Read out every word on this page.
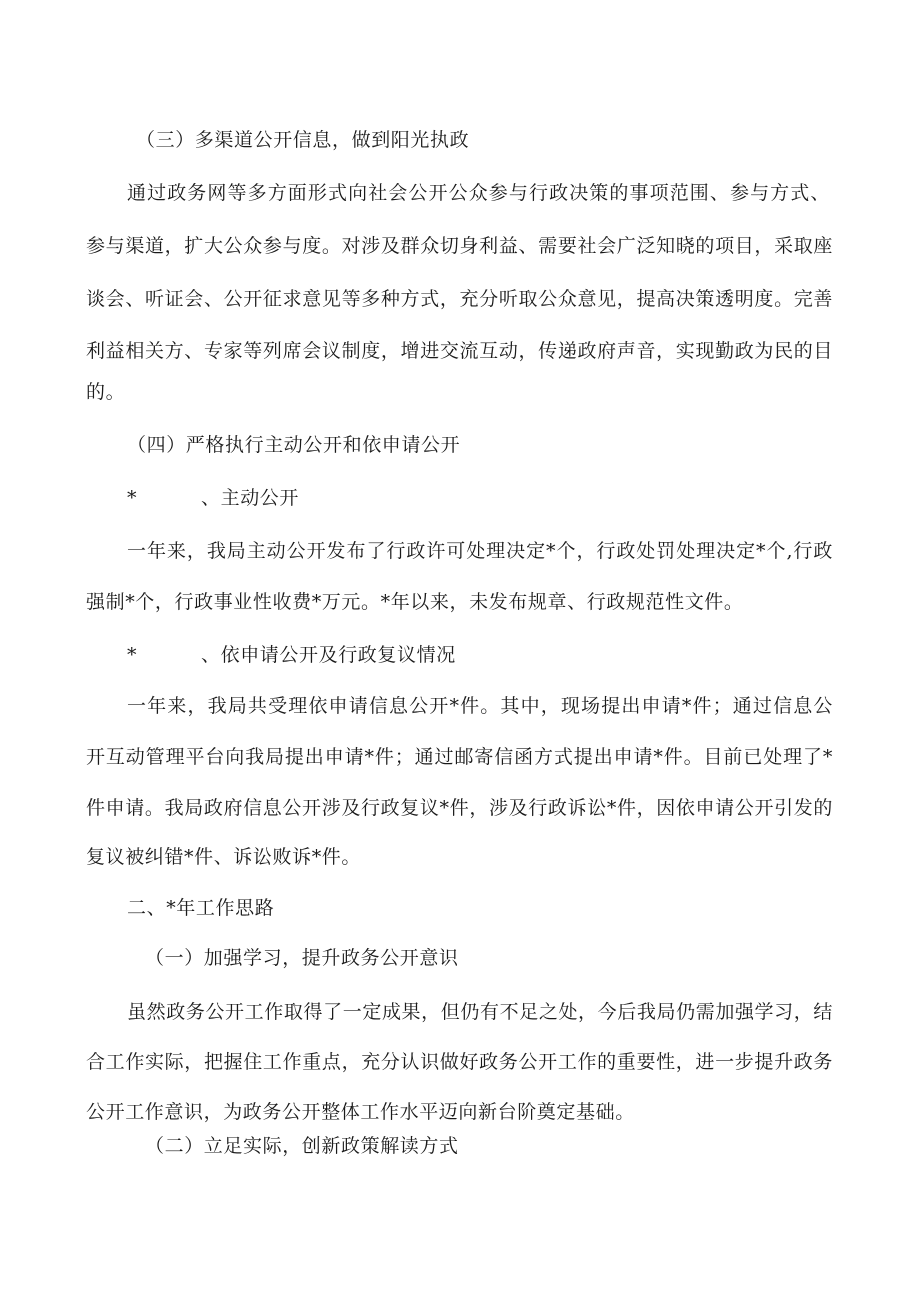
（三）多渠道公开信息，做到阳光执政
通过政务网等多方面形式向社会公开公众参与行政决策的事项范围、参与方式、
参与渠道，扩大公众参与度。对涉及群众切身利益、需要社会广泛知晓的项目，采取座
谈会、听证会、公开征求意见等多种方式，充分听取公众意见，提高决策透明度。完善
利益相关方、专家等列席会议制度，增进交流互动，传递政府声音，实现勤政为民的目
的。
（四）严格执行主动公开和依申请公开
*	、主动公开
一年来，我局主动公开发布了行政许可处理决定*个，行政处罚处理决定*个,行政
强制*个，行政事业性收费*万元。*年以来，未发布规章、行政规范性文件。
*	、依申请公开及行政复议情况
一年来，我局共受理依申请信息公开*件。其中，现场提出申请*件；通过信息公
开互动管理平台向我局提出申请*件；通过邮寄信函方式提出申请*件。目前已处理了*
件申请。我局政府信息公开涉及行政复议*件，涉及行政诉讼*件，因依申请公开引发的
复议被纠错*件、诉讼败诉*件。
二、*年工作思路
（一）加强学习，提升政务公开意识
虽然政务公开工作取得了一定成果，但仍有不足之处，今后我局仍需加强学习，结
合工作实际，把握住工作重点，充分认识做好政务公开工作的重要性，进一步提升政务
公开工作意识，为政务公开整体工作水平迈向新台阶奠定基础。
（二）立足实际，创新政策解读方式
